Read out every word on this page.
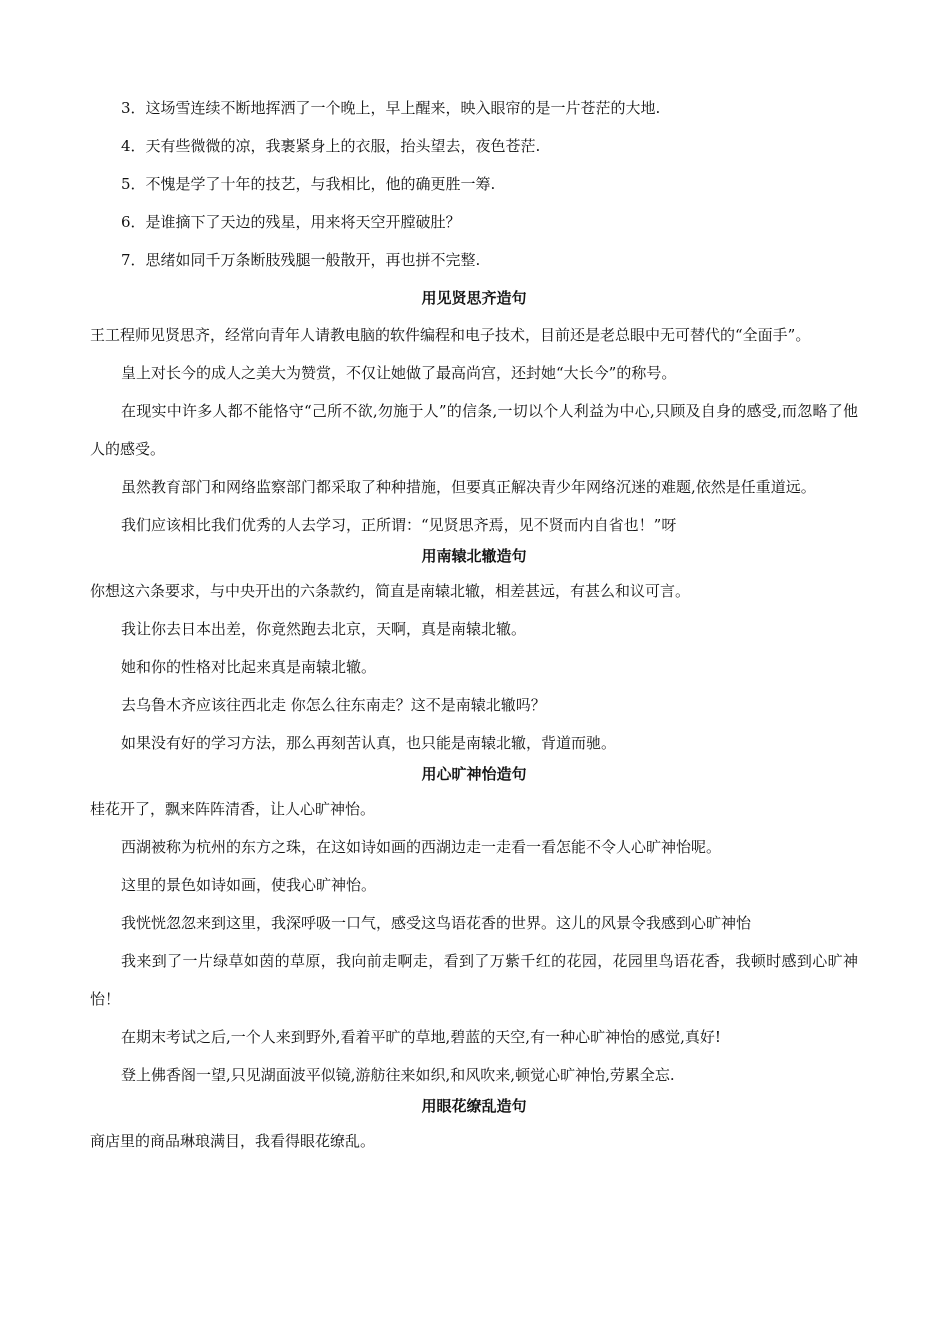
3．这场雪连续不断地挥洒了一个晚上，早上醒来，映入眼帘的是一片苍茫的大地.
4．天有些微微的凉，我裹紧身上的衣服，抬头望去，夜色苍茫.
5．不愧是学了十年的技艺，与我相比，他的确更胜一筹.
6．是谁摘下了天边的残星，用来将天空开膛破肚？
7．思绪如同千万条断肢残腿一般散开，再也拼不完整.
用见贤思齐造句
王工程师见贤思齐，经常向青年人请教电脑的软件编程和电子技术，目前还是老总眼中无可替代的“全面手”。
皇上对长今的成人之美大为赞赏，不仅让她做了最高尚宫，还封她“大长今”的称号。
在现实中许多人都不能恪守“己所不欲,勿施于人”的信条,一切以个人利益为中心,只顾及自身的感受,而忽略了他人的感受。
虽然教育部门和网络监察部门都采取了种种措施，但要真正解决青少年网络沉迷的难题,依然是任重道远。
我们应该相比我们优秀的人去学习，正所谓：“见贤思齐焉，见不贤而内自省也！”呀
用南辕北辙造句
你想这六条要求，与中央开出的六条款约，简直是南辕北辙，相差甚远，有甚么和议可言。
我让你去日本出差，你竟然跑去北京，天啊，真是南辕北辙。
她和你的性格对比起来真是南辕北辙。
去乌鲁木齐应该往西北走 你怎么往东南走？这不是南辕北辙吗？
如果没有好的学习方法，那么再刻苦认真，也只能是南辕北辙，背道而驰。
用心旷神怡造句
桂花开了，飘来阵阵清香，让人心旷神怡。
西湖被称为杭州的东方之珠，在这如诗如画的西湖边走一走看一看怎能不令人心旷神怡呢。
这里的景色如诗如画，使我心旷神怡。
我恍恍忽忽来到这里，我深呼吸一口气，感受这鸟语花香的世界。这儿的风景令我感到心旷神怡
我来到了一片绿草如茵的草原，我向前走啊走，看到了万紫千红的花园，花园里鸟语花香，我顿时感到心旷神怡！
在期末考试之后,一个人来到野外,看着平旷的草地,碧蓝的天空,有一种心旷神怡的感觉,真好!
登上佛香阁一望,只见湖面波平似镜,游舫往来如织,和风吹来,顿觉心旷神怡,劳累全忘.
用眼花缭乱造句
商店里的商品琳琅满目，我看得眼花缭乱。
